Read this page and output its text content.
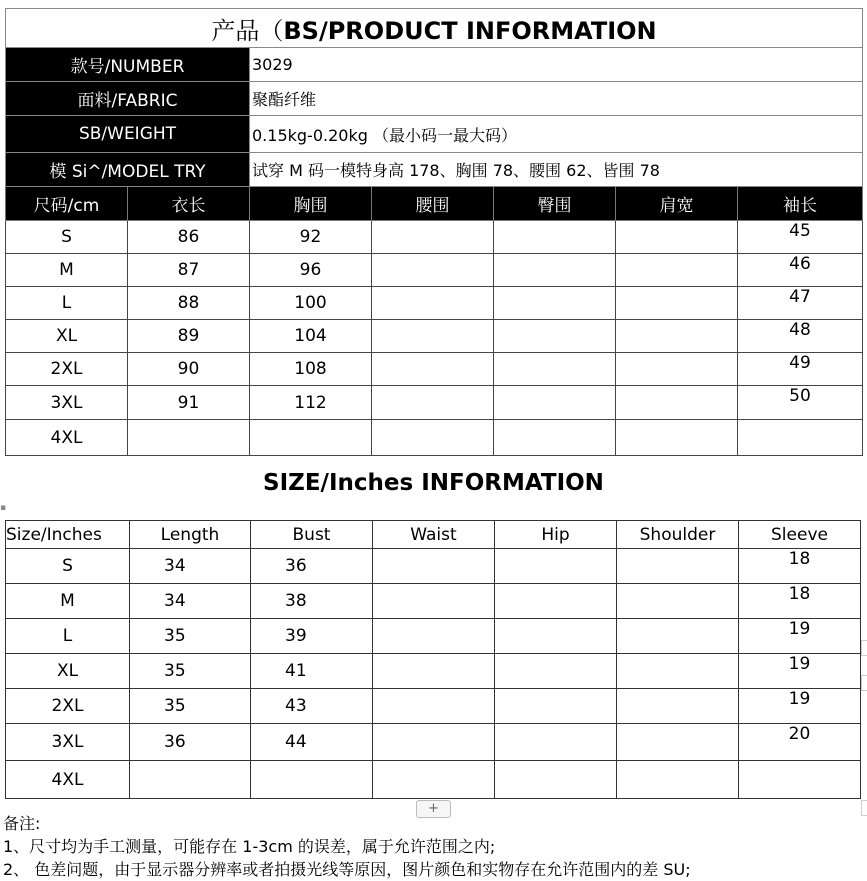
产品（BS/PRODUCT INFORMATION						
款号/NUMBER		3029				
面料/FABRIC		聚酯纤维				
SB/WEIGHT		0.15kg-0.20kg （最小码一最大码）				
模 Si^/MODEL TRY		试穿 M 码一模特身高 178、胸围 78、腰围 62、皆围 78				
尺码/cm	衣长	胸围	腰围	臀围	肩宽	袖长
S	86	92				45
M	87	96				46
L	88	100				47
XL	89	104				48
2XL	90	108				49
3XL	91	112				50
4XL						
SIZE/Inches INFORMATION
▪
Size/Inches	Length	Bust	Waist	Hip	Shoulder	Sleeve
S	34	36				18
M	34	38				18
L	35	39				19
XL	35	41				19
2XL	35	43				19
3XL	36	44				20
4XL						
+
备注:
1、尺寸均为手工测量，可能存在 1-3cm 的误差，属于允许范围之内;
2、 色差问题，由于显示器分辨率或者拍摄光线等原因，图片颜色和实物存在允许范围内的差 SU;
